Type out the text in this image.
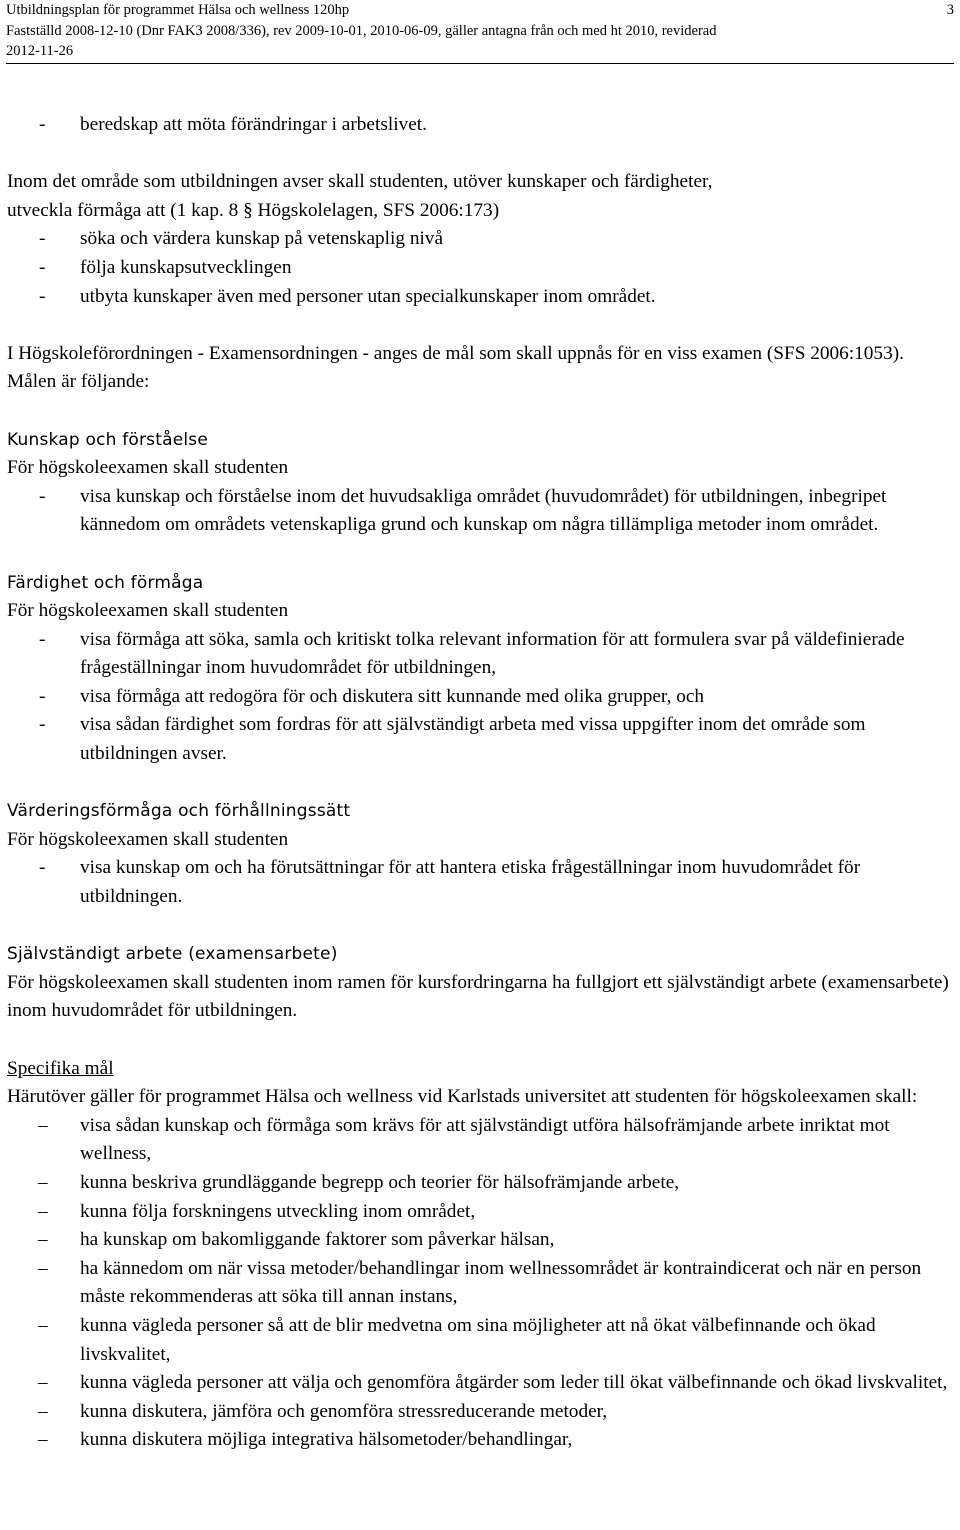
Utbildningsplan för programmet Hälsa och wellness 120hp
Fastställd 2008-12-10 (Dnr FAK3 2008/336), rev 2009-10-01, 2010-06-09, gäller antagna från och med ht 2010, reviderad
2012-11-26
3
- beredskap att möta förändringar i arbetslivet.

Inom det område som utbildningen avser skall studenten, utöver kunskaper och färdigheter,

utveckla förmåga att (1 kap. 8 § Högskolelagen, SFS 2006:173)

- söka och värdera kunskap på vetenskaplig nivå
- följa kunskapsutvecklingen
- utbyta kunskaper även med personer utan specialkunskaper inom området.

I Högskoleförordningen - Examensordningen - anges de mål som skall uppnås för en viss examen (SFS 2006:1053). Målen är följande:

Kunskap och förståelse

För högskoleexamen skall studenten

- visa kunskap och förståelse inom det huvudsakliga området (huvudområdet) för utbildningen, inbegripet kännedom om områdets vetenskapliga grund och kunskap om några tillämpliga metoder inom området.

Färdighet och förmåga

För högskoleexamen skall studenten

- visa förmåga att söka, samla och kritiskt tolka relevant information för att formulera svar på väldefinierade frågeställningar inom huvudområdet för utbildningen,
- visa förmåga att redogöra för och diskutera sitt kunnande med olika grupper, och
- visa sådan färdighet som fordras för att självständigt arbeta med vissa uppgifter inom det område som utbildningen avser.

Värderingsförmåga och förhållningssätt

För högskoleexamen skall studenten

- visa kunskap om och ha förutsättningar för att hantera etiska frågeställningar inom huvudområdet för utbildningen.

Självständigt arbete (examensarbete)

För högskoleexamen skall studenten inom ramen för kursfordringarna ha fullgjort ett självständigt arbete (examensarbete) inom huvudområdet för utbildningen.

Specifika mål

Härutöver gäller för programmet Hälsa och wellness vid Karlstads universitet att studenten för högskoleexamen skall:

– visa sådan kunskap och förmåga som krävs för att självständigt utföra hälsofrämjande arbete inriktat mot wellness,
– kunna beskriva grundläggande begrepp och teorier för hälsofrämjande arbete,
– kunna följa forskningens utveckling inom området,
– ha kunskap om bakomliggande faktorer som påverkar hälsan,
– ha kännedom om när vissa metoder/behandlingar inom wellnessområdet är kontraindicerat och när en person måste rekommenderas att söka till annan instans,
– kunna vägleda personer så att de blir medvetna om sina möjligheter att nå ökat välbefinnande och ökad livskvalitet,
– kunna vägleda personer att välja och genomföra åtgärder som leder till ökat välbefinnande och ökad livskvalitet,
– kunna diskutera, jämföra och genomföra stressreducerande metoder,
– kunna diskutera möjliga integrativa hälsometoder/behandlingar,
